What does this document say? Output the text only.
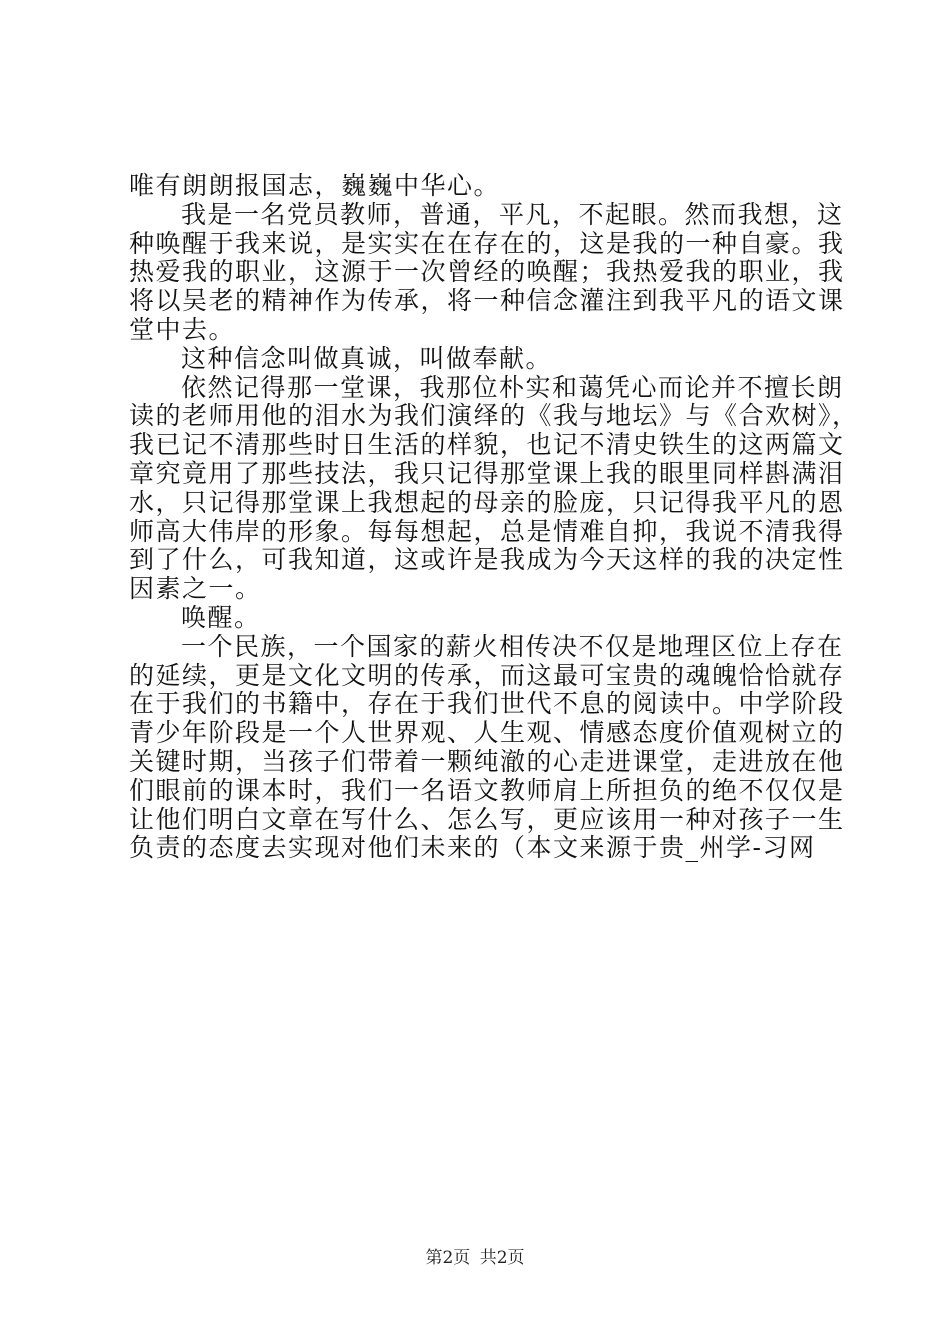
唯有朗朗报国志，巍巍中华心。
我是一名党员教师，普通，平凡，不起眼。然而我想，这
种唤醒于我来说，是实实在在存在的，这是我的一种自豪。我
热爱我的职业，这源于一次曾经的唤醒；我热爱我的职业，我
将以吴老的精神作为传承，将一种信念灌注到我平凡的语文课
堂中去。
这种信念叫做真诚，叫做奉献。
依然记得那一堂课，我那位朴实和蔼凭心而论并不擅长朗
读的老师用他的泪水为我们演绎的《我与地坛》与《合欢树》，
我已记不清那些时日生活的样貌，也记不清史铁生的这两篇文
章究竟用了那些技法，我只记得那堂课上我的眼里同样斟满泪
水，只记得那堂课上我想起的母亲的脸庞，只记得我平凡的恩
师高大伟岸的形象。每每想起，总是情难自抑，我说不清我得
到了什么，可我知道，这或许是我成为今天这样的我的决定性
因素之一。
唤醒。
一个民族，一个国家的薪火相传决不仅是地理区位上存在
的延续，更是文化文明的传承，而这最可宝贵的魂魄恰恰就存
在于我们的书籍中，存在于我们世代不息的阅读中。中学阶段
青少年阶段是一个人世界观、人生观、情感态度价值观树立的
关键时期，当孩子们带着一颗纯澈的心走进课堂，走进放在他
们眼前的课本时，我们一名语文教师肩上所担负的绝不仅仅是
让他们明白文章在写什么、怎么写，更应该用一种对孩子一生
负责的态度去实现对他们未来的（本文来源于贵_州学-习网
第2页 共2页
